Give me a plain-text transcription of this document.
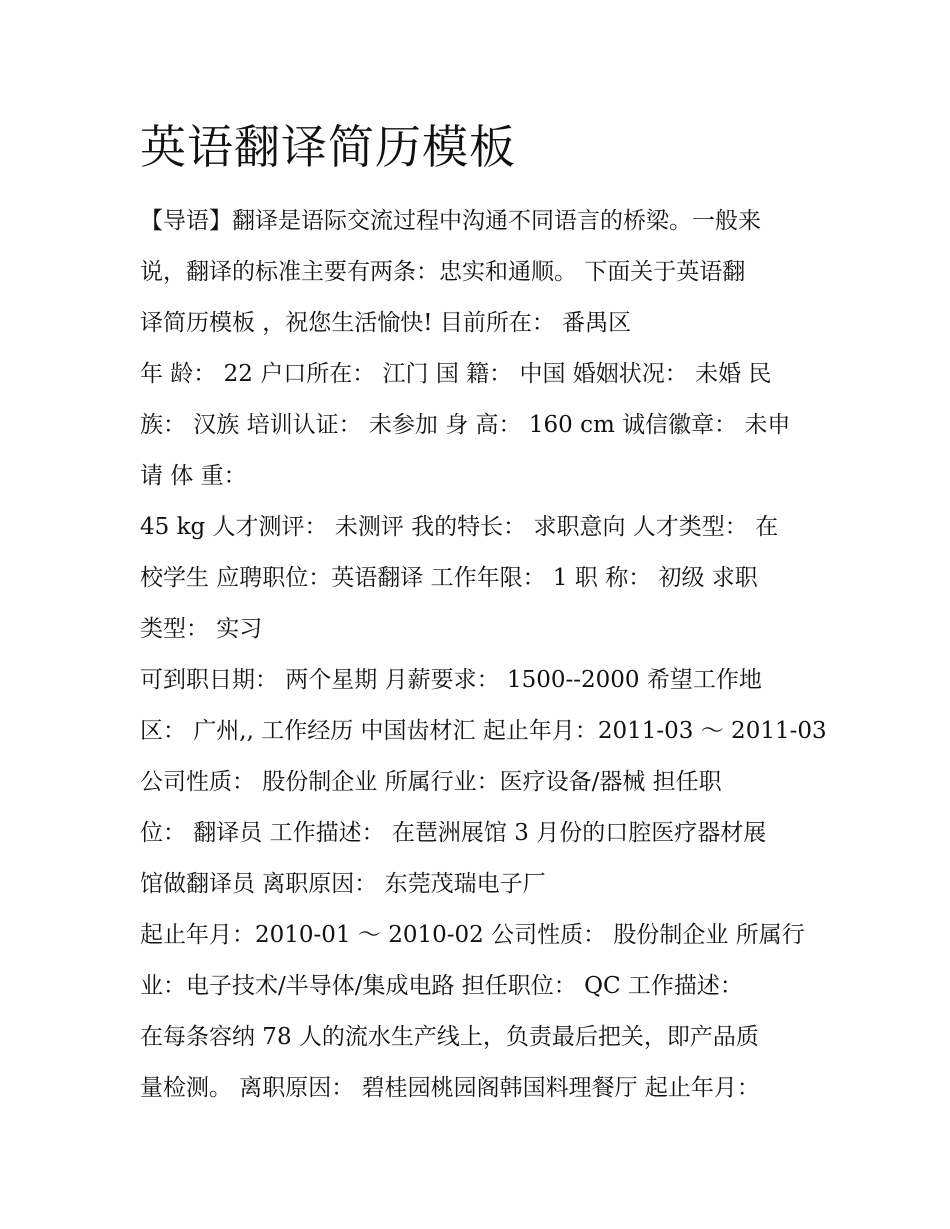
英语翻译简历模板

【导语】翻译是语际交流过程中沟通不同语言的桥梁。一般来

说，翻译的标准主要有两条：忠实和通顺。 下面关于英语翻

译简历模板 ，祝您生活愉快! 目前所在： 番禺区

年 龄： 22 户口所在： 江门 国 籍： 中国 婚姻状况： 未婚 民

族： 汉族 培训认证： 未参加 身 高： 160 cm 诚信徽章： 未申

请 体 重：

45 kg 人才测评： 未测评 我的特长： 求职意向 人才类型： 在

校学生 应聘职位：英语翻译 工作年限： 1 职 称： 初级 求职

类型： 实习

可到职日期： 两个星期 月薪要求： 1500--2000 希望工作地

区： 广州,, 工作经历 中国齿材汇 起止年月：2011-03 ～ 2011-03

公司性质： 股份制企业 所属行业：医疗设备/器械 担任职

位： 翻译员 工作描述： 在琶洲展馆 3 月份的口腔医疗器材展

馆做翻译员 离职原因： 东莞茂瑞电子厂

起止年月：2010-01 ～ 2010-02 公司性质： 股份制企业 所属行

业：电子技术/半导体/集成电路 担任职位： QC 工作描述：

在每条容纳 78 人的流水生产线上，负责最后把关，即产品质

量检测。 离职原因： 碧桂园桃园阁韩国料理餐厅 起止年月：
